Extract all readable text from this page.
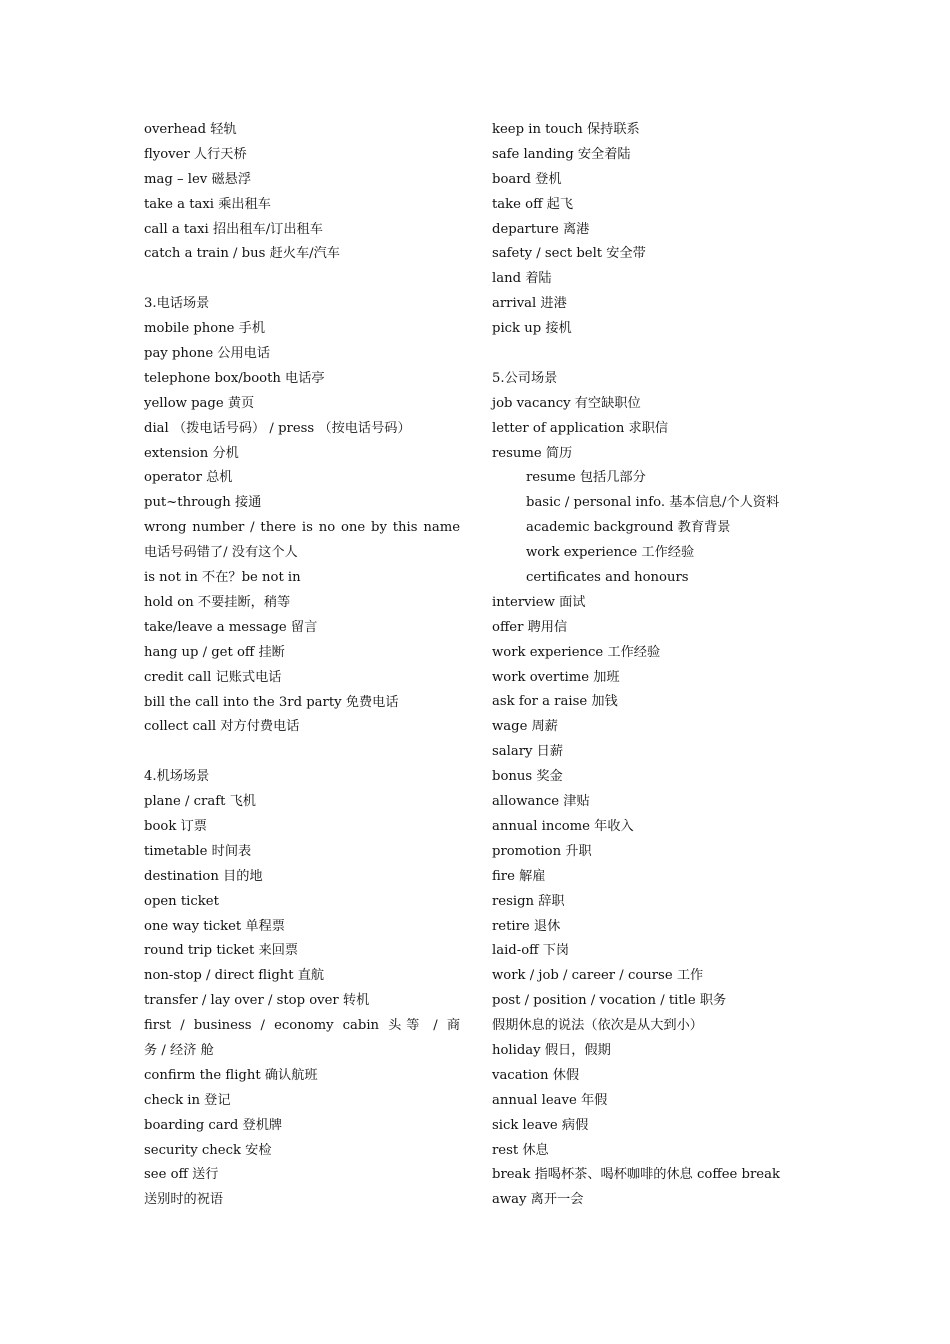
overhead 轻轨
flyover 人行天桥
mag – lev 磁悬浮
take a taxi 乘出租车
call a taxi 招出租车/订出租车
catch a train / bus 赶火车/汽车
3.电话场景
mobile phone 手机
pay phone 公用电话
telephone box/booth 电话亭
yellow page 黄页
dial （拨电话号码） / press （按电话号码）
extension 分机
operator 总机
put~through 接通
wrong number / there is no one by this name
电话号码错了/ 没有这个人
is not in 不在？be not in
hold on 不要挂断，稍等
take/leave a message 留言
hang up / get off 挂断
credit call 记账式电话
bill the call into the 3rd party 免费电话
collect call 对方付费电话
4.机场场景
plane / craft 飞机
book 订票
timetable 时间表
destination 目的地
open ticket
one way ticket 单程票
round trip ticket 来回票
non-stop / direct flight 直航
transfer / lay over / stop over 转机
first / business / economy cabin 头等 / 商
务 / 经济 舱
confirm the flight 确认航班
check in 登记
boarding card 登机牌
security check 安检
see off 送行
送别时的祝语
keep in touch 保持联系
safe landing 安全着陆
board 登机
take off 起飞
departure 离港
safety / sect belt 安全带
land 着陆
arrival 进港
pick up 接机
5.公司场景
job vacancy 有空缺职位
letter of application 求职信
resume 简历
resume 包括几部分
basic / personal info. 基本信息/个人资料
academic background 教育背景
work experience 工作经验
certificates and honours
interview 面试
offer 聘用信
work experience 工作经验
work overtime 加班
ask for a raise 加钱
wage 周薪
salary 日薪
bonus 奖金
allowance 津贴
annual income 年收入
promotion 升职
fire 解雇
resign 辞职
retire 退休
laid-off 下岗
work / job / career / course 工作
post / position / vocation / title 职务
假期休息的说法（依次是从大到小）
holiday 假日，假期
vacation 休假
annual leave 年假
sick leave 病假
rest 休息
break 指喝杯茶、喝杯咖啡的休息 coffee break
away 离开一会
